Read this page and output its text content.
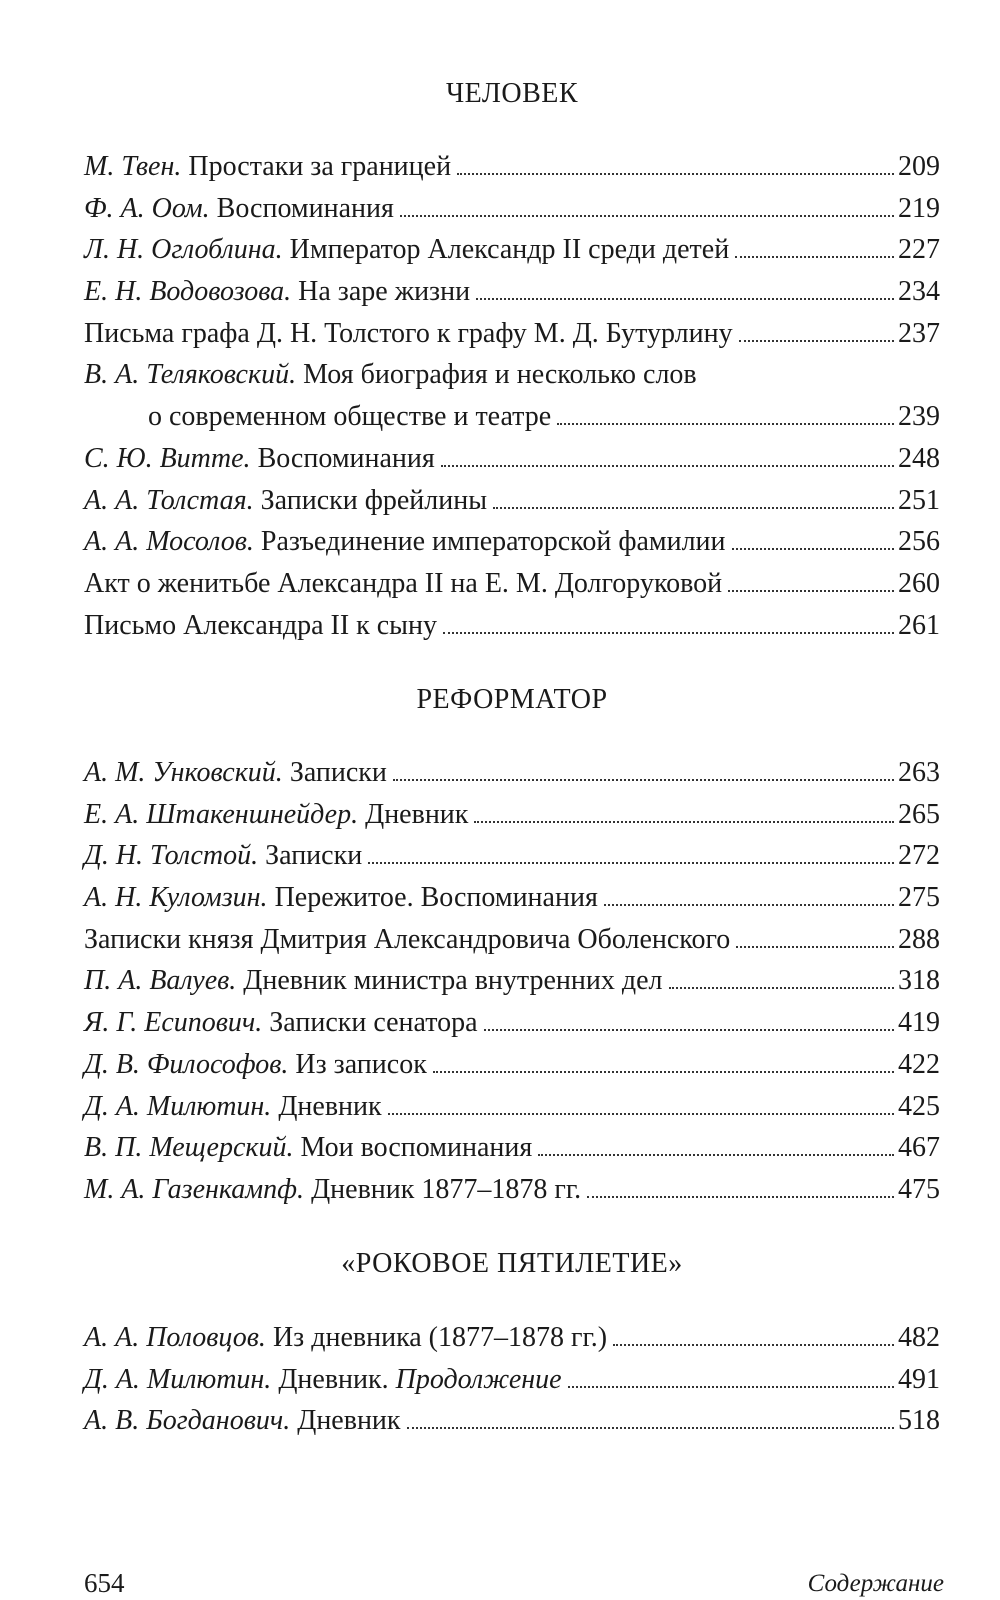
ЧЕЛОВЕК
М. Твен. Простаки за границей	209
Ф. А. Оом. Воспоминания	219
Л. Н. Оглоблина. Император Александр II среди детей	227
Е. Н. Водовозова. На заре жизни	234
Письма графа Д. Н. Толстого к графу М. Д. Бутурлину	237
В. А. Теляковский. Моя биография и несколько слов
о современном обществе и театре	239
С. Ю. Витте. Воспоминания	248
А. А. Толстая. Записки фрейлины	251
А. А. Мосолов. Разъединение императорской фамилии	256
Акт о женитьбе Александра II на Е. М. Долгоруковой	260
Письмо Александра II к сыну	261
РЕФОРМАТОР
А. М. Унковский. Записки	263
Е. А. Штакеншнейдер. Дневник	265
Д. Н. Толстой. Записки	272
А. Н. Куломзин. Пережитое. Воспоминания	275
Записки князя Дмитрия Александровича Оболенского	288
П. А. Валуев. Дневник министра внутренних дел	318
Я. Г. Есипович. Записки сенатора	419
Д. В. Философов. Из записок	422
Д. А. Милютин. Дневник	425
В. П. Мещерский. Мои воспоминания	467
М. А. Газенкампф. Дневник 1877–1878 гг.	475
«РОКОВОЕ ПЯТИЛЕТИЕ»
А. А. Половцов. Из дневника (1877–1878 гг.)	482
Д. А. Милютин. Дневник. Продолжение	491
А. В. Богданович. Дневник	518
654	Содержание
